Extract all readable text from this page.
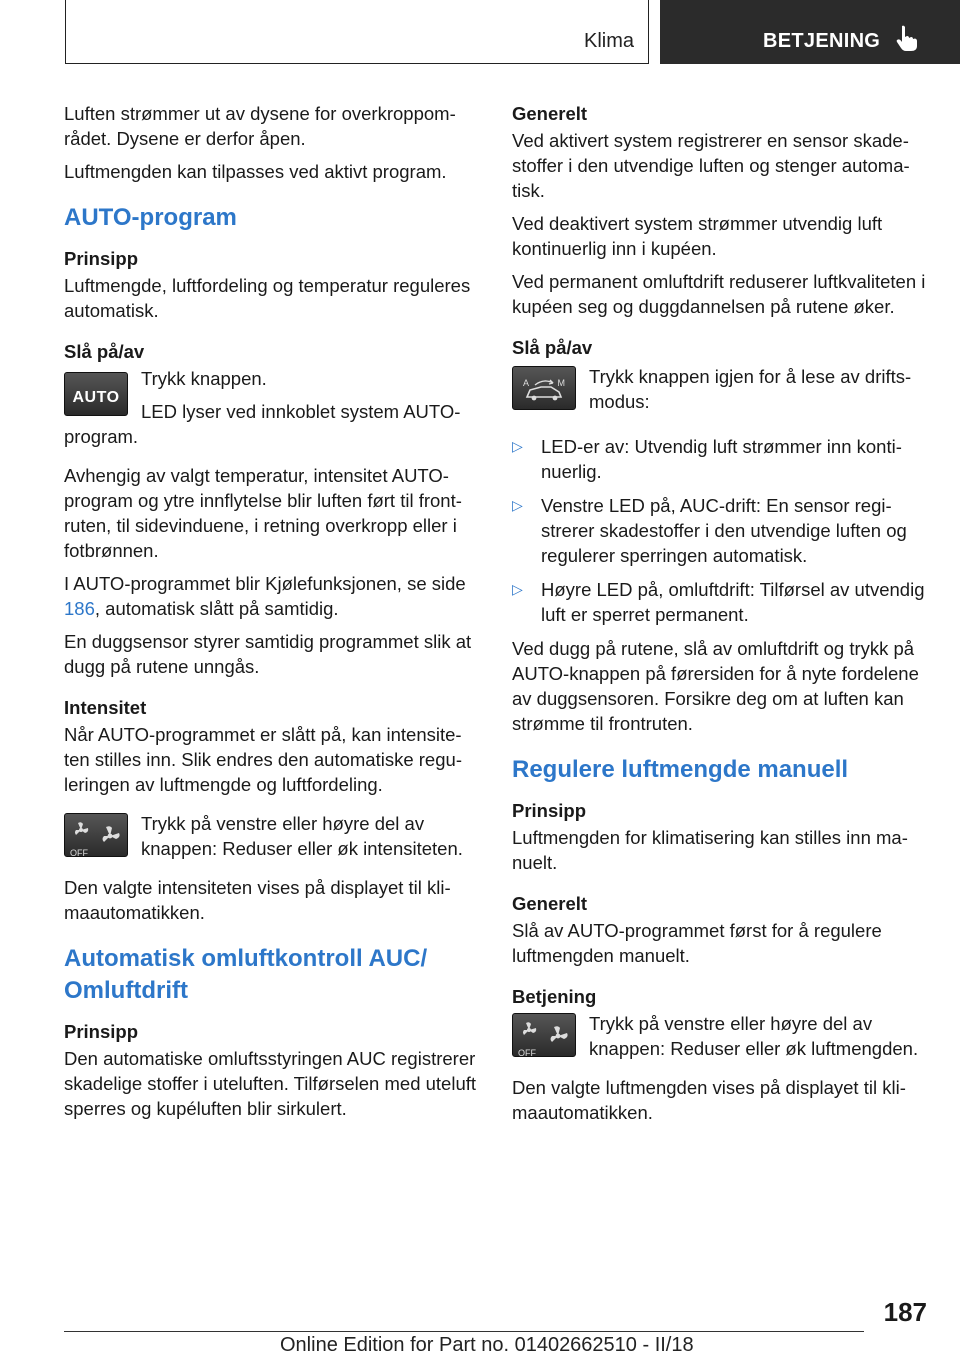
Klima	BETJENING

Luften strømmer ut av dysene for overkroppområdet. Dysene er derfor åpen.

Luftmengden kan tilpasses ved aktivt program.

AUTO-program
Prinsipp

Luftmengde, luftfordeling og temperatur reguleres automatisk.

Slå på/av
AUTO

Trykk knappen.

LED lyser ved innkoblet system AUTO-program.

Avhengig av valgt temperatur, intensitet AUTO-program og ytre innflytelse blir luften ført til frontruten, til sidevinduene, i retning overkropp eller i fotbrønnen.

I AUTO-programmet blir Kjølefunksjonen, se side 186, automatisk slått på samtidig.

En duggsensor styrer samtidig programmet slik at dugg på rutene unngås.

Intensitet

Når AUTO-programmet er slått på, kan intensiteten stilles inn. Slik endres den automatiske reguleringen av luftmengde og luftfordeling.

OFF

Trykk på venstre eller høyre del av knappen: Reduser eller øk intensiteten.

Den valgte intensiteten vises på displayet til klimaautomatikken.

Automatisk omluftkontroll AUC/ Omluftdrift
Prinsipp

Den automatiske omluftsstyringen AUC registrerer skadelige stoffer i uteluften. Tilførselen med uteluft sperres og kupéluften blir sirkulert.

Generelt

Ved aktivert system registrerer en sensor skadestoffer i den utvendige luften og stenger automatisk.

Ved deaktivert system strømmer utvendig luft kontinuerlig inn i kupéen.

Ved permanent omluftdrift reduserer luftkvaliteten i kupéen seg og duggdannelsen på rutene øker.

Slå på/av
A	M Trykk knappen igjen for å lese av driftsmodus:

▷ LED-er av: Utvendig luft strømmer inn kontinuerlig.
▷ Venstre LED på, AUC-drift: En sensor registrerer skadestoffer i den utvendige luften og regulerer sperringen automatisk.
▷ Høyre LED på, omluftdrift: Tilførsel av utvendig luft er sperret permanent.

Ved dugg på rutene, slå av omluftdrift og trykk på AUTO-knappen på førersiden for å nyte fordelene av duggsensoren. Forsikre deg om at luften kan strømme til frontruten.

Regulere luftmengde manuell
Prinsipp

Luftmengden for klimatisering kan stilles inn manuelt.

Generelt

Slå av AUTO-programmet først for å regulere luftmengden manuelt.

Betjening
OFF

Trykk på venstre eller høyre del av knappen: Reduser eller øk luftmengden.

Den valgte luftmengden vises på displayet til klimaautomatikken.

187
Online Edition for Part no. 01402662510 - II/18
